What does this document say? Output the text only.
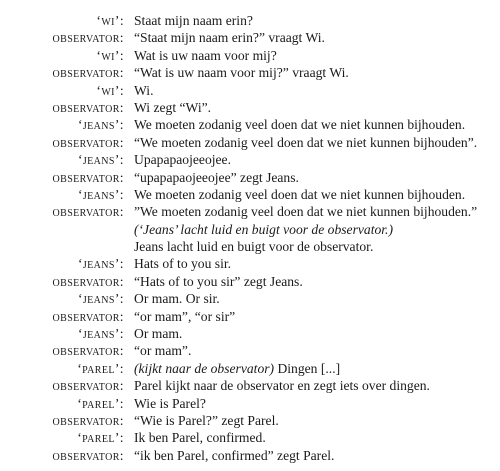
‘wi’: Staat mijn naam erin?
observator: “Staat mijn naam erin?” vraagt Wi.
‘wi’: Wat is uw naam voor mij?
observator: “Wat is uw naam voor mij?” vraagt Wi.
‘wi’: Wi.
observator: Wi zegt “Wi”.
‘jeans’: We moeten zodanig veel doen dat we niet kunnen bijhouden.
observator: “We moeten zodanig veel doen dat we niet kunnen bijhouden”.
‘jeans’: Upapapaojeeojee.
observator: “upapapaojeeojee” zegt Jeans.
‘jeans’: We moeten zodanig veel doen dat we niet kunnen bijhouden.
observator: ”We moeten zodanig veel doen dat we niet kunnen bijhouden.”
(‘Jeans’ lacht luid en buigt voor de observator.)
Jeans lacht luid en buigt voor de observator.
‘jeans’: Hats of to you sir.
observator: “Hats of to you sir” zegt Jeans.
‘jeans’: Or mam. Or sir.
observator: “or mam”, “or sir”
‘jeans’: Or mam.
observator: “or mam”.
‘parel’: (kijkt naar de observator) Dingen [...]
observator: Parel kijkt naar de observator en zegt iets over dingen.
‘parel’: Wie is Parel?
observator: “Wie is Parel?” zegt Parel.
‘parel’: Ik ben Parel, confirmed.
observator: “ik ben Parel, confirmed” zegt Parel.
